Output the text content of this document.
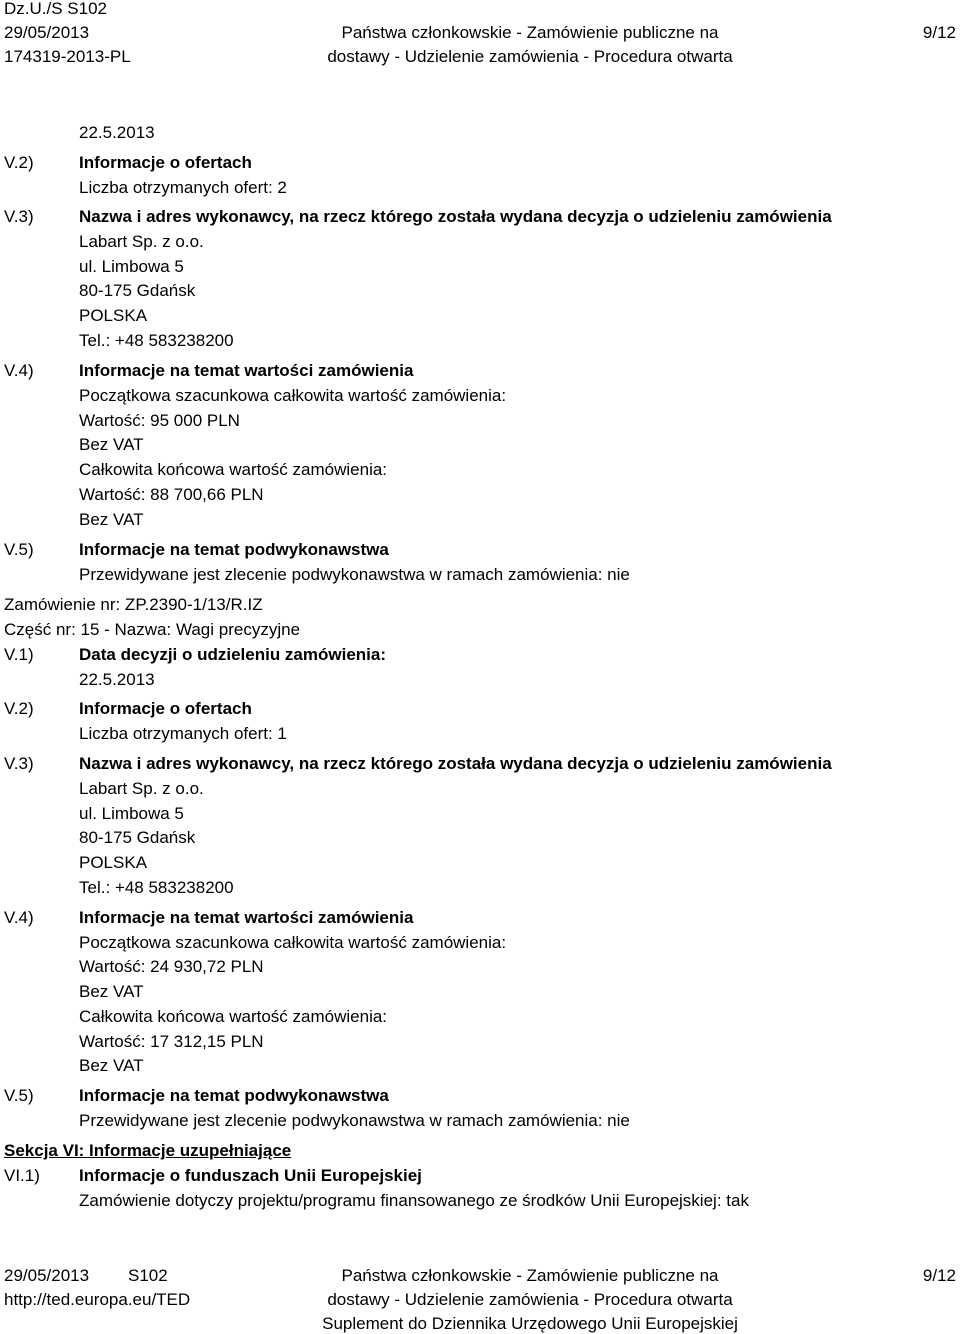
Dz.U./S S102
29/05/2013
174319-2013-PL
Państwa członkowskie - Zamówienie publiczne na
dostawy - Udzielenie zamówienia - Procedura otwarta
9/12
22.5.2013
V.2)	Informacje o ofertach
Liczba otrzymanych ofert: 2
V.3)	Nazwa i adres wykonawcy, na rzecz którego została wydana decyzja o udzieleniu zamówienia
Labart Sp. z o.o.
ul. Limbowa 5
80-175 Gdańsk
POLSKA
Tel.: +48 583238200
V.4)	Informacje na temat wartości zamówienia
Początkowa szacunkowa całkowita wartość zamówienia:
Wartość: 95 000 PLN
Bez VAT
Całkowita końcowa wartość zamówienia:
Wartość: 88 700,66 PLN
Bez VAT
V.5)	Informacje na temat podwykonawstwa
Przewidywane jest zlecenie podwykonawstwa w ramach zamówienia: nie
Zamówienie nr: ZP.2390-1/13/R.IZ
Część nr: 15 - Nazwa: Wagi precyzyjne
V.1)	Data decyzji o udzieleniu zamówienia:
22.5.2013
V.2)	Informacje o ofertach
Liczba otrzymanych ofert: 1
V.3)	Nazwa i adres wykonawcy, na rzecz którego została wydana decyzja o udzieleniu zamówienia
Labart Sp. z o.o.
ul. Limbowa 5
80-175 Gdańsk
POLSKA
Tel.: +48 583238200
V.4)	Informacje na temat wartości zamówienia
Początkowa szacunkowa całkowita wartość zamówienia:
Wartość: 24 930,72 PLN
Bez VAT
Całkowita końcowa wartość zamówienia:
Wartość: 17 312,15 PLN
Bez VAT
V.5)	Informacje na temat podwykonawstwa
Przewidywane jest zlecenie podwykonawstwa w ramach zamówienia: nie
Sekcja VI: Informacje uzupełniające
VI.1) Informacje o funduszach Unii Europejskiej
Zamówienie dotyczy projektu/programu finansowanego ze środków Unii Europejskiej: tak
29/05/2013 S102
http://ted.europa.eu/TED
Państwa członkowskie - Zamówienie publiczne na
dostawy - Udzielenie zamówienia - Procedura otwarta
Suplement do Dziennika Urzędowego Unii Europejskiej
9/12
